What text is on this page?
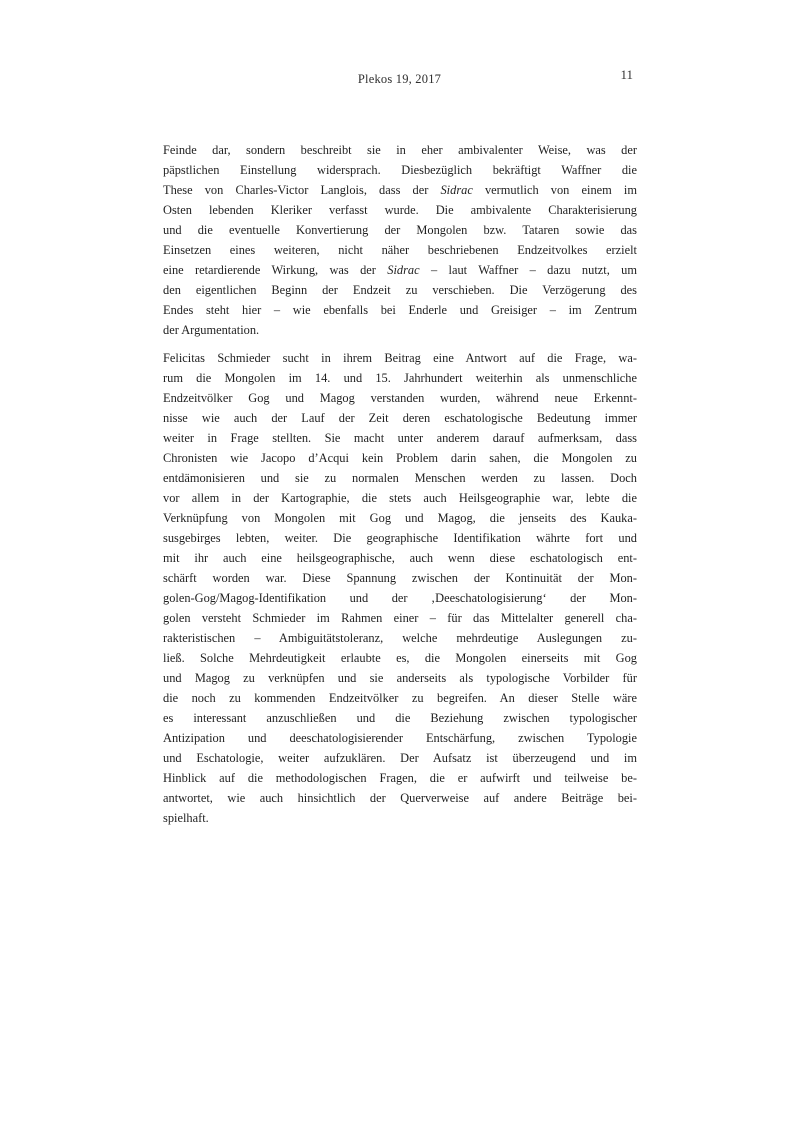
Plekos 19, 2017	11
Feinde dar, sondern beschreibt sie in eher ambivalenter Weise, was der
päpstlichen Einstellung widersprach. Diesbezüglich bekräftigt Waffner die
These von Charles-Victor Langlois, dass der Sidrac vermutlich von einem im
Osten lebenden Kleriker verfasst wurde. Die ambivalente Charakterisierung
und die eventuelle Konvertierung der Mongolen bzw. Tataren sowie das
Einsetzen eines weiteren, nicht näher beschriebenen Endzeitvolkes erzielt
eine retardierende Wirkung, was der Sidrac – laut Waffner – dazu nutzt, um
den eigentlichen Beginn der Endzeit zu verschieben. Die Verzögerung des
Endes steht hier – wie ebenfalls bei Enderle und Greisiger – im Zentrum
der Argumentation.
Felicitas Schmieder sucht in ihrem Beitrag eine Antwort auf die Frage, wa-
rum die Mongolen im 14. und 15. Jahrhundert weiterhin als unmenschliche
Endzeitvölker Gog und Magog verstanden wurden, während neue Erkennt-
nisse wie auch der Lauf der Zeit deren eschatologische Bedeutung immer
weiter in Frage stellten. Sie macht unter anderem darauf aufmerksam, dass
Chronisten wie Jacopo d’Acqui kein Problem darin sahen, die Mongolen zu
entdämonisieren und sie zu normalen Menschen werden zu lassen. Doch
vor allem in der Kartographie, die stets auch Heilsgeographie war, lebte die
Verknüpfung von Mongolen mit Gog und Magog, die jenseits des Kauka-
susgebirges lebten, weiter. Die geographische Identifikation währte fort und
mit ihr auch eine heilsgeographische, auch wenn diese eschatologisch ent-
schärft worden war. Diese Spannung zwischen der Kontinuität der Mon-
golen-Gog/Magog-Identifikation und der ‚Deeschatologisierung‘ der Mon-
golen versteht Schmieder im Rahmen einer – für das Mittelalter generell cha-
rakteristischen – Ambiguitätstoleranz, welche mehrdeutige Auslegungen zu-
ließ. Solche Mehrdeutigkeit erlaubte es, die Mongolen einerseits mit Gog
und Magog zu verknüpfen und sie anderseits als typologische Vorbilder für
die noch zu kommenden Endzeitvölker zu begreifen. An dieser Stelle wäre
es interessant anzuschließen und die Beziehung zwischen typologischer
Antizipation und deeschatologisierender Entschärfung, zwischen Typologie
und Eschatologie, weiter aufzuklären. Der Aufsatz ist überzeugend und im
Hinblick auf die methodologischen Fragen, die er aufwirft und teilweise be-
antwortet, wie auch hinsichtlich der Querverweise auf andere Beiträge bei-
spielhaft.
